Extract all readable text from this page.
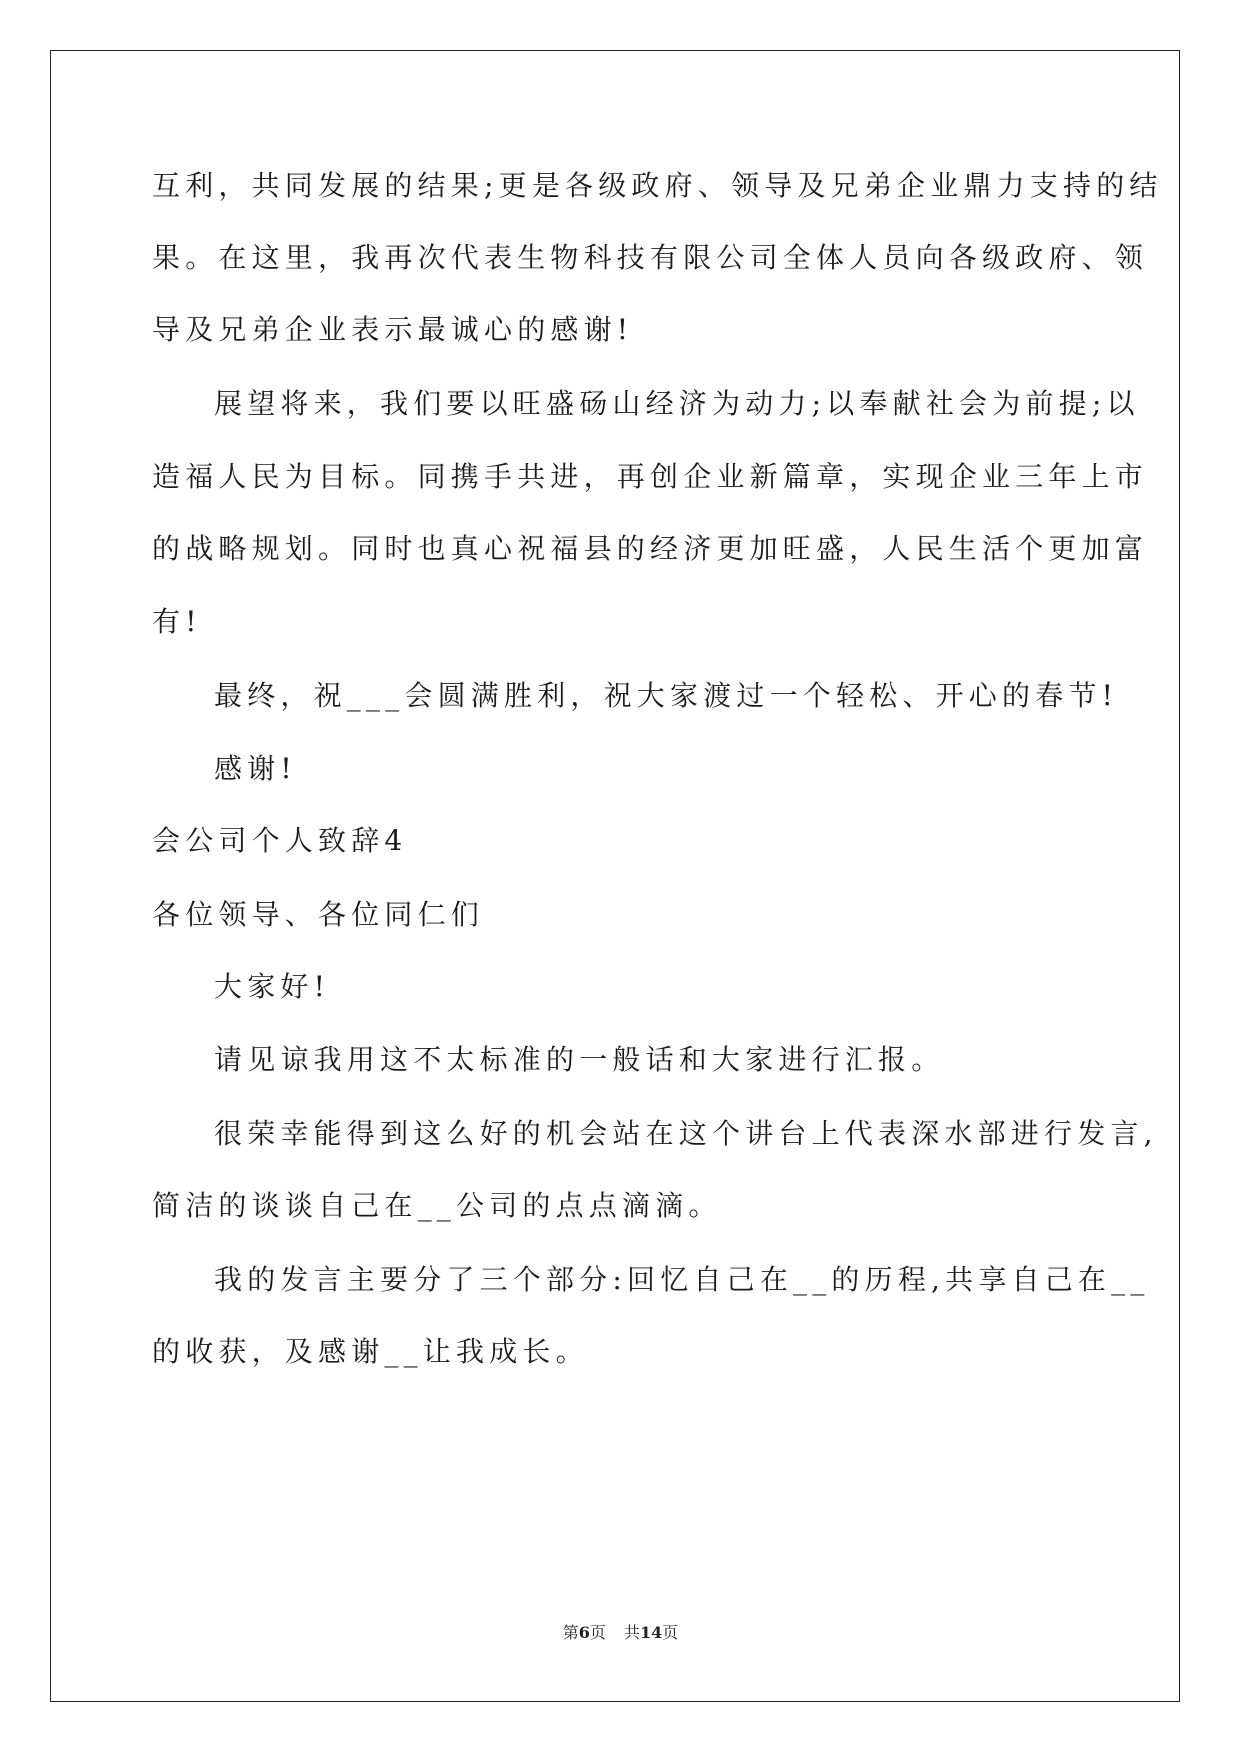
互利，共同发展的结果;更是各级政府、领导及兄弟企业鼎力支持的结
果。在这里，我再次代表生物科技有限公司全体人员向各级政府、领
导及兄弟企业表示最诚心的感谢!
展望将来，我们要以旺盛砀山经济为动力;以奉献社会为前提;以
造福人民为目标。同携手共进，再创企业新篇章，实现企业三年上市
的战略规划。同时也真心祝福县的经济更加旺盛，人民生活个更加富
有!
最终，祝___会圆满胜利，祝大家渡过一个轻松、开心的春节!
感谢!
会公司个人致辞4
各位领导、各位同仁们
大家好!
请见谅我用这不太标准的一般话和大家进行汇报。
很荣幸能得到这么好的机会站在这个讲台上代表深水部进行发言,
简洁的谈谈自己在__公司的点点滴滴。
我的发言主要分了三个部分:回忆自己在__的历程,共享自己在__
的收获，及感谢__让我成长。
第6页 共14页
